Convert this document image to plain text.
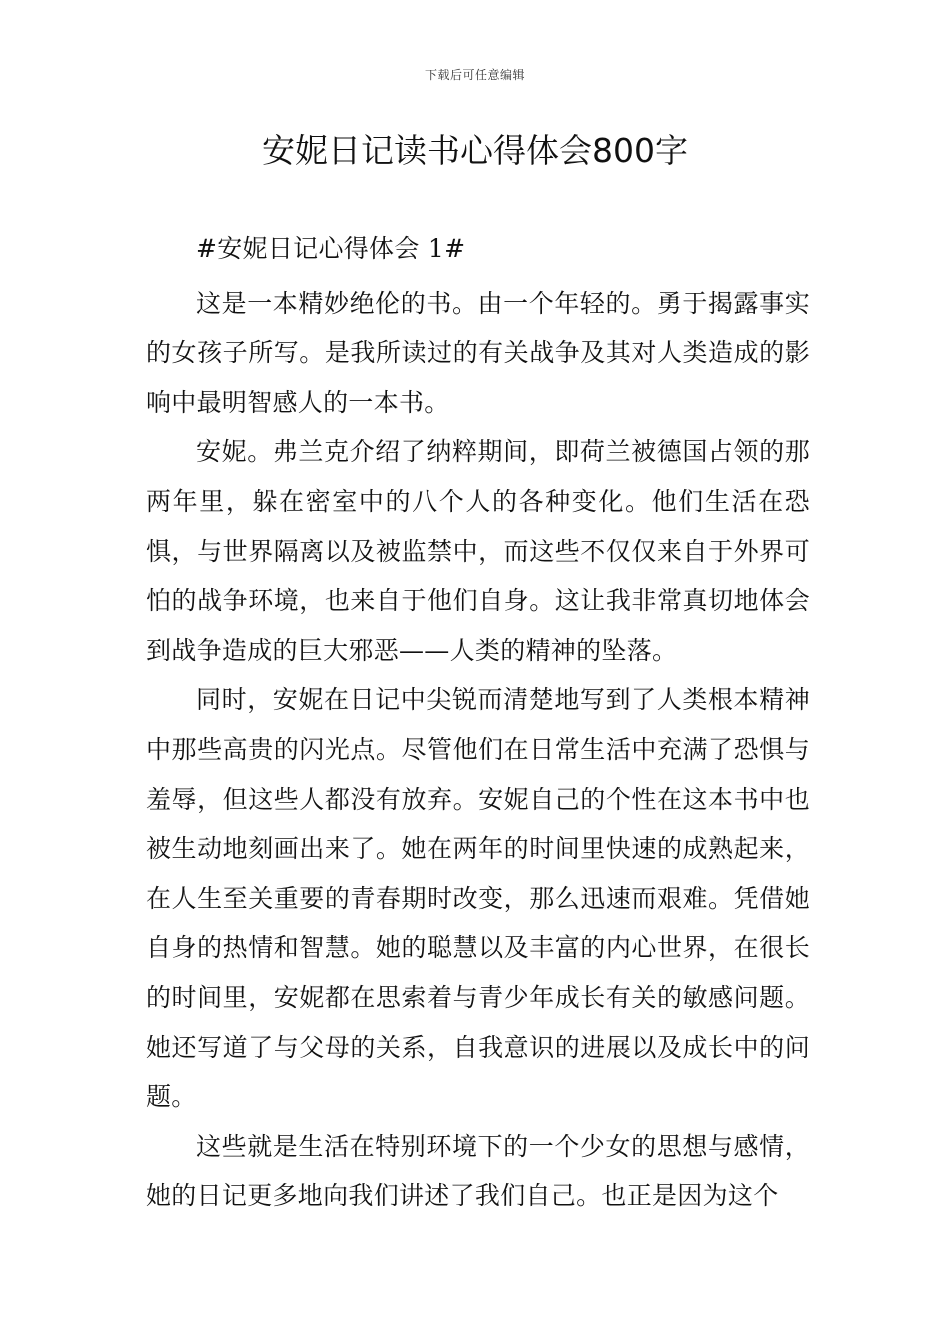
下载后可任意编辑
安妮日记读书心得体会800字

#安妮日记心得体会 1#

这是一本精妙绝伦的书。由一个年轻的。勇于揭露事实的女孩子所写。是我所读过的有关战争及其对人类造成的影响中最明智感人的一本书。

安妮。弗兰克介绍了纳粹期间，即荷兰被德国占领的那两年里，躲在密室中的八个人的各种变化。他们生活在恐惧，与世界隔离以及被监禁中，而这些不仅仅来自于外界可怕的战争环境，也来自于他们自身。这让我非常真切地体会到战争造成的巨大邪恶——人类的精神的坠落。

同时，安妮在日记中尖锐而清楚地写到了人类根本精神中那些高贵的闪光点。尽管他们在日常生活中充满了恐惧与羞辱，但这些人都没有放弃。安妮自己的个性在这本书中也被生动地刻画出来了。她在两年的时间里快速的成熟起来，在人生至关重要的青春期时改变，那么迅速而艰难。凭借她自身的热情和智慧。她的聪慧以及丰富的内心世界，在很长的时间里，安妮都在思索着与青少年成长有关的敏感问题。她还写道了与父母的关系，自我意识的进展以及成长中的问题。

这些就是生活在特别环境下的一个少女的思想与感情，她的日记更多地向我们讲述了我们自己。也正是因为这个
